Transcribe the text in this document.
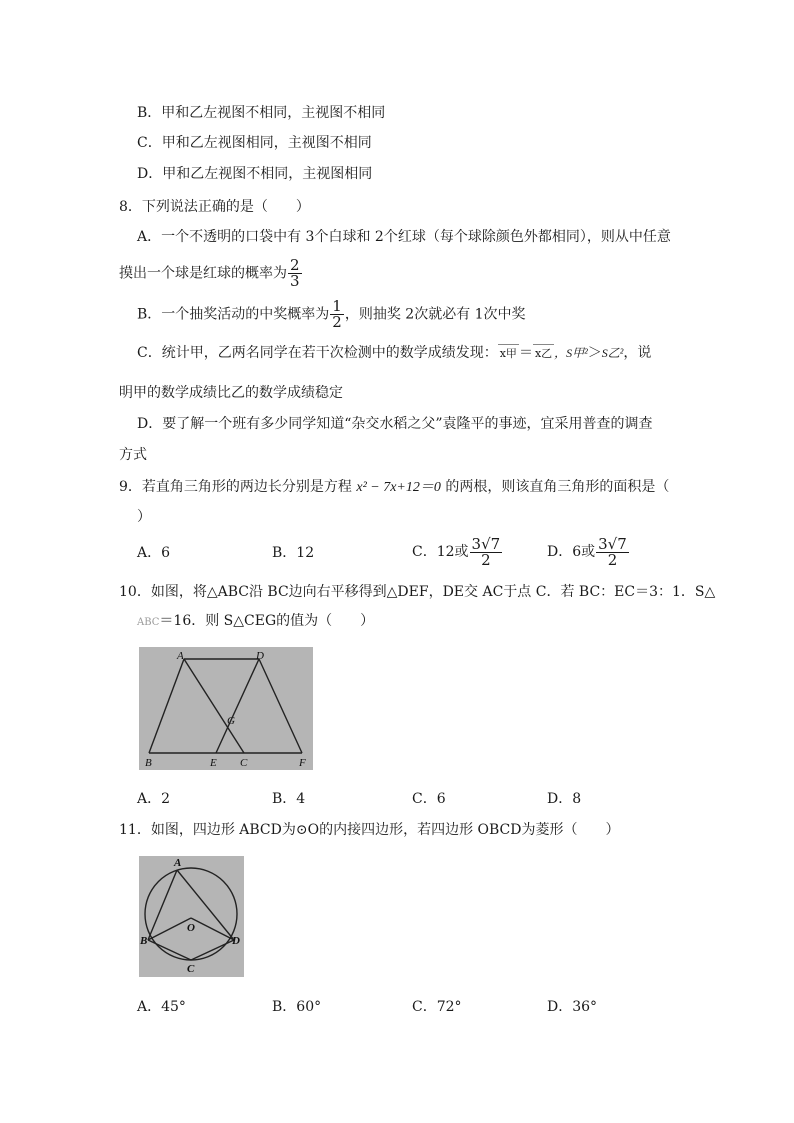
B．甲和乙左视图不相同，主视图不相同
C．甲和乙左视图相同，主视图不相同
D．甲和乙左视图不相同，主视图相同
8．下列说法正确的是（　　）
A．一个不透明的口袋中有 3个白球和 2个红球（每个球除颜色外都相同），则从中任意
摸出一个球是红球的概率为 $\frac{2}{3}$
B．一个抽奖活动的中奖概率为 $\frac{1}{2}$ ，则抽奖 2次就必有 1次中奖
C．统计甲，乙两名同学在若干次检测中的数学成绩发现： x甲 ＝ x乙 ，S甲²＞S乙²，说
明甲的数学成绩比乙的数学成绩稳定
D．要了解一个班有多少同学知道“杂交水稻之父”袁隆平的事迹，宜采用普查的调查
方式
9．若直角三角形的两边长分别是方程 x² − 7x+12＝0 的两根，则该直角三角形的面积是（
）
A．6	B．12	C．12或 $\frac{3√7}{2}$	D．6或 $\frac{3√7}{2}$
10．如图，将△ABC沿 BC边向右平移得到△DEF，DE交 AC于点 C．若 BC：EC＝3：1．S△
ABC＝16．则 S△CEG的值为（　　）
A	D
G
B	E C	F
A．2	B．4	C．6	D．8
11．如图，四边形 ABCD为⊙O的内接四边形，若四边形 OBCD为菱形（　　）
A
B
O
D
C
A．45°	B．60°	C．72°	D．36°
